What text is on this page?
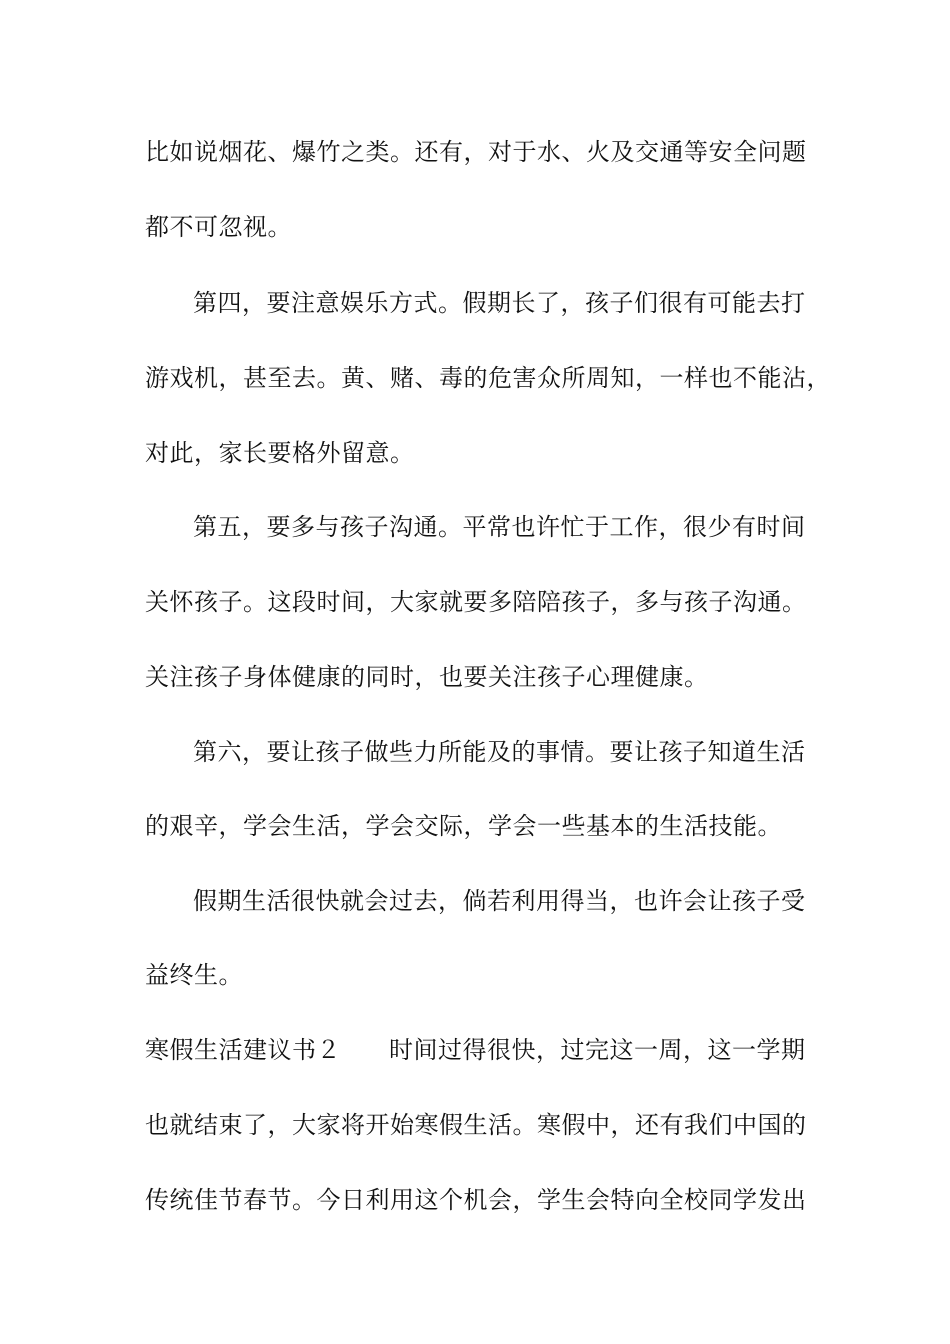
比如说烟花、爆竹之类。还有，对于水、火及交通等安全问题
都不可忽视。
第四，要注意娱乐方式。假期长了，孩子们很有可能去打
游戏机，甚至去。黄、赌、毒的危害众所周知，一样也不能沾，
对此，家长要格外留意。
第五，要多与孩子沟通。平常也许忙于工作，很少有时间
关怀孩子。这段时间，大家就要多陪陪孩子，多与孩子沟通。
关注孩子身体健康的同时，也要关注孩子心理健康。
第六，要让孩子做些力所能及的事情。要让孩子知道生活
的艰辛，学会生活，学会交际，学会一些基本的生活技能。
假期生活很快就会过去，倘若利用得当，也许会让孩子受
益终生。
寒假生活建议书２ 时间过得很快，过完这一周，这一学期
也就结束了，大家将开始寒假生活。寒假中，还有我们中国的
传统佳节春节。今日利用这个机会，学生会特向全校同学发出
